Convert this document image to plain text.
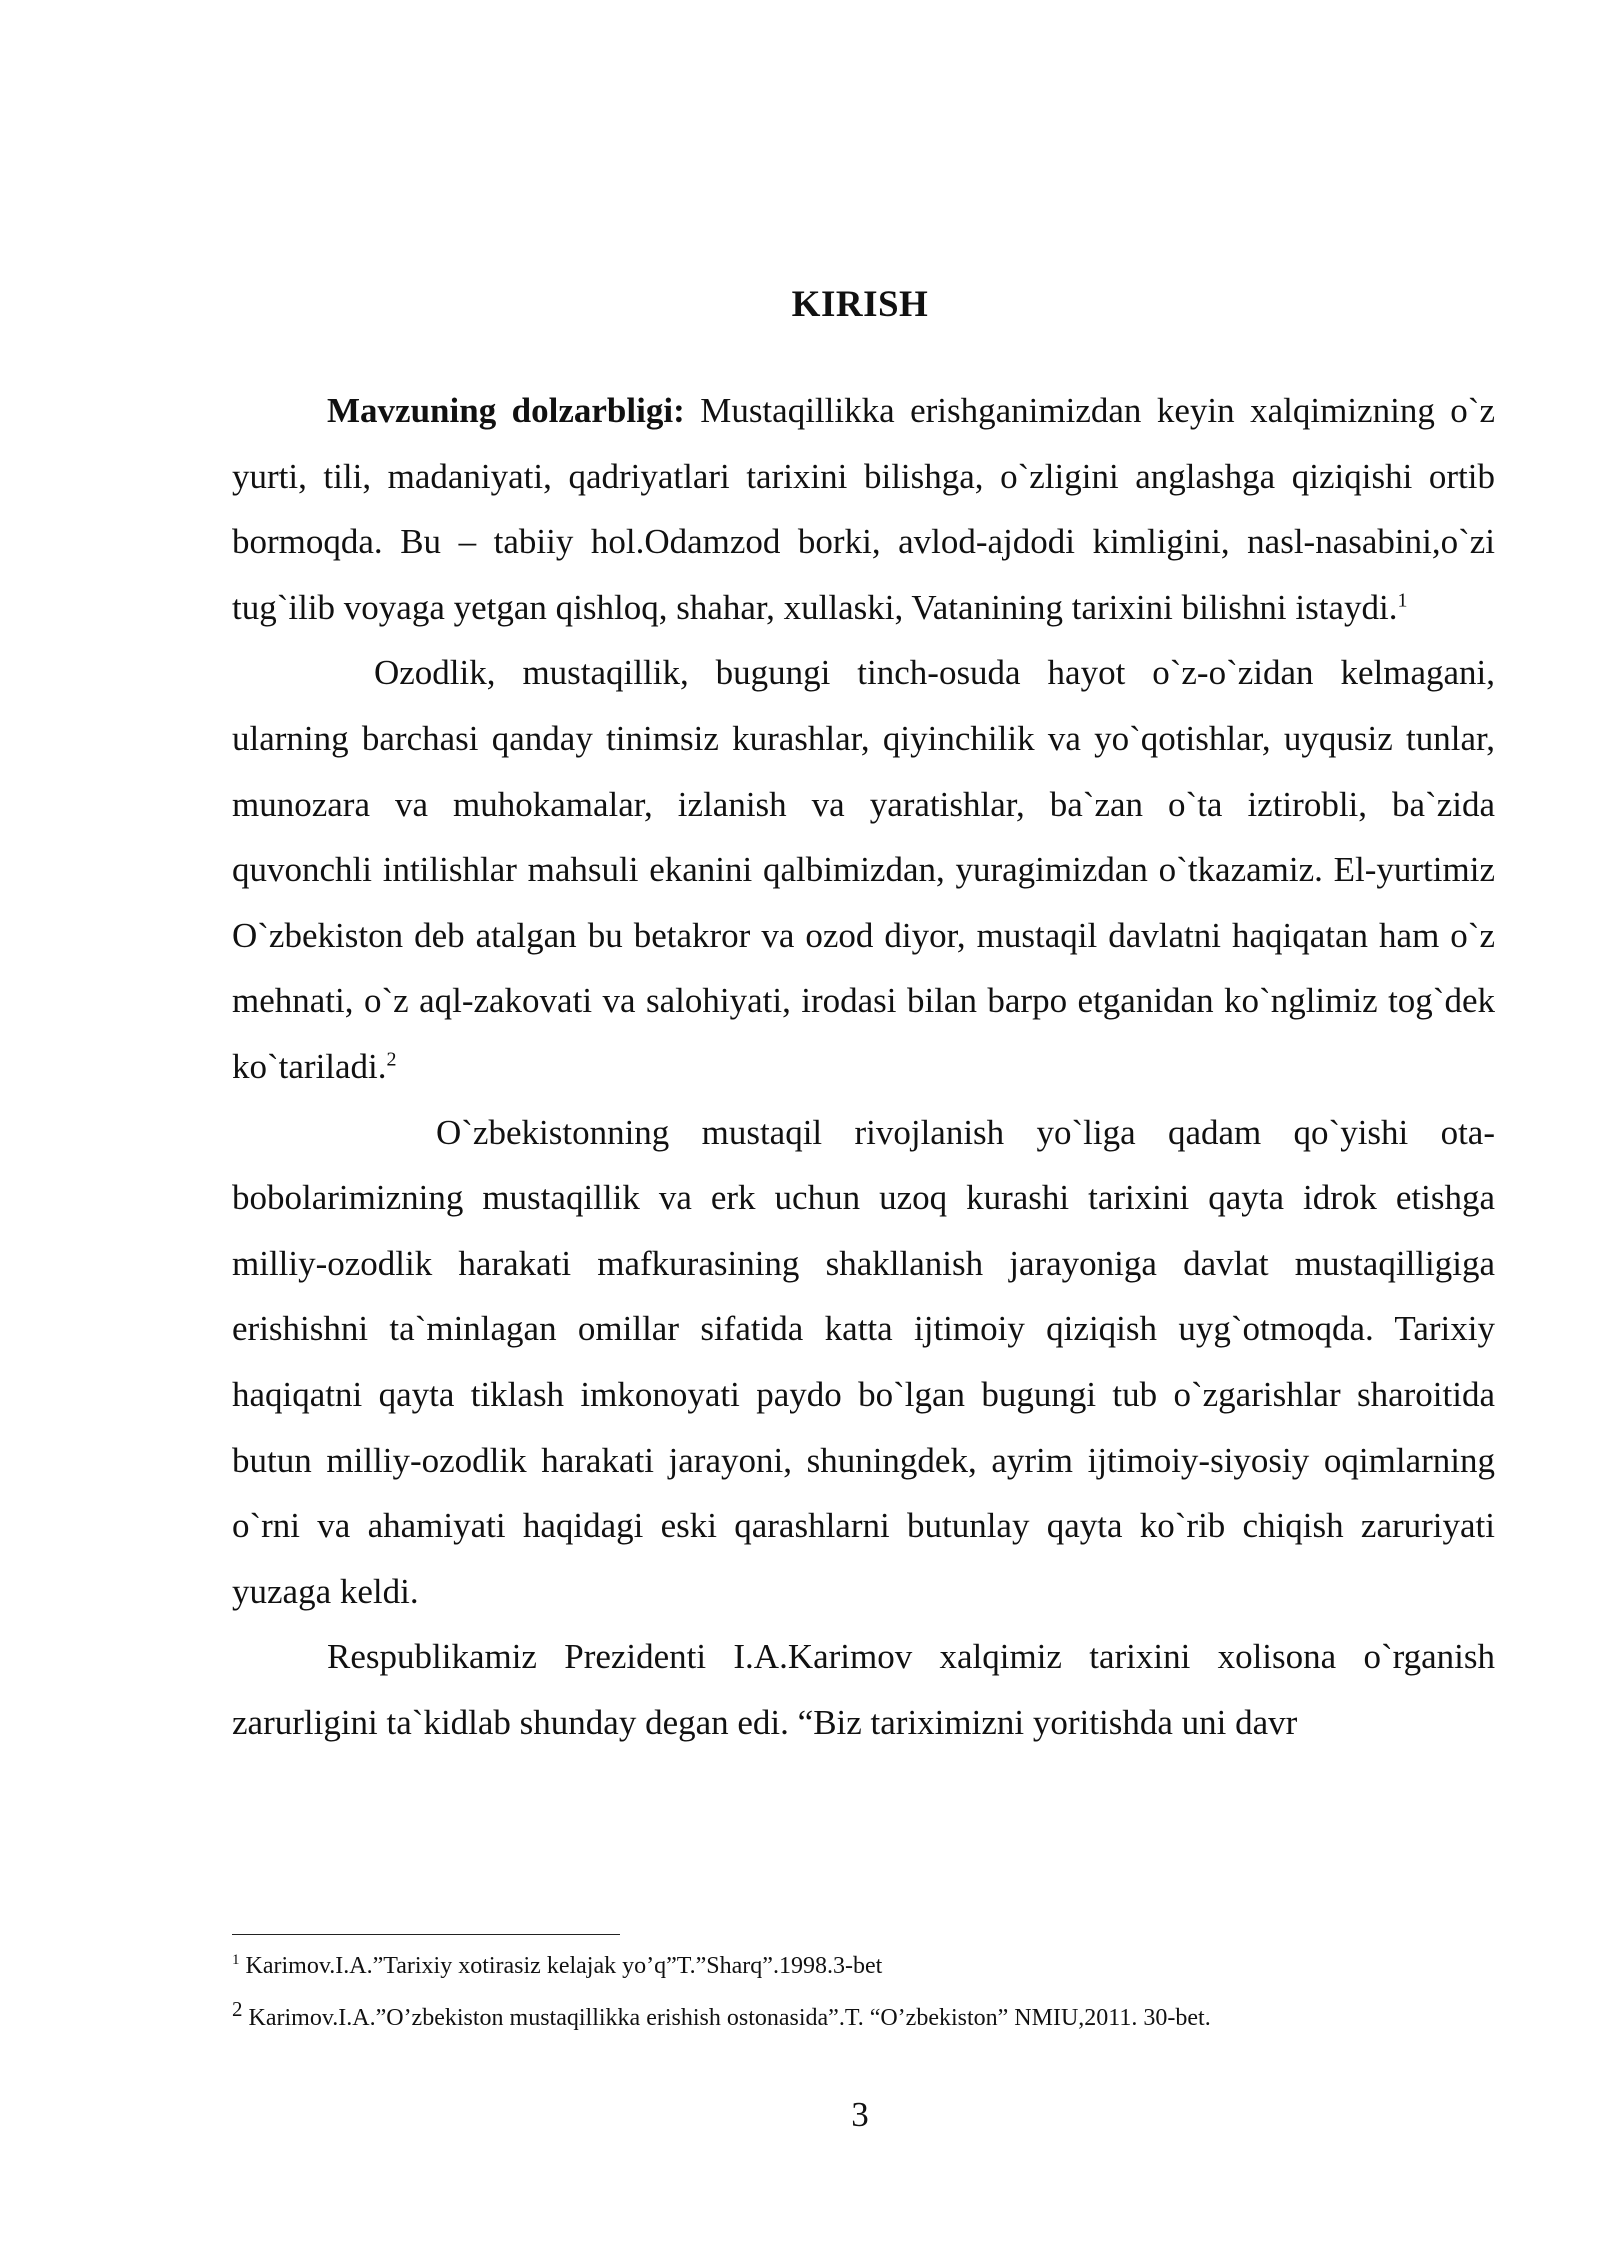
KIRISH

Mavzuning dolzarbligi: Mustaqillikka erishganimizdan keyin xalqimizning o`z yurti, tili, madaniyati, qadriyatlari tarixini bilishga, o`zligini anglashga qiziqishi ortib bormoqda. Bu – tabiiy hol.Odamzod borki, avlod-ajdodi kimligini, nasl-nasabini,o`zi tug`ilib voyaga yetgan qishloq, shahar, xullaski, Vatanining tarixini bilishni istaydi.$^1$

Ozodlik, mustaqillik, bugungi tinch-osuda hayot o`z-o`zidan kelmagani, ularning barchasi qanday tinimsiz kurashlar, qiyinchilik va yo`qotishlar, uyqusiz tunlar, munozara va muhokamalar, izlanish va yaratishlar, ba`zan o`ta iztirobli, ba`zida quvonchli intilishlar mahsuli ekanini qalbimizdan, yuragimizdan o`tkazamiz. El-yurtimiz O`zbekiston deb atalgan bu betakror va ozod diyor, mustaqil davlatni haqiqatan ham o`z mehnati, o`z aql-zakovati va salohiyati, irodasi bilan barpo etganidan ko`nglimiz tog`dek ko`tariladi.$^2$

O`zbekistonning mustaqil rivojlanish yo`liga qadam qo`yishi ota-bobolarimizning mustaqillik va erk uchun uzoq kurashi tarixini qayta idrok etishga milliy-ozodlik harakati mafkurasining shakllanish jarayoniga davlat mustaqilligiga erishishni ta`minlagan omillar sifatida katta ijtimoiy qiziqish uyg`otmoqda. Tarixiy haqiqatni qayta tiklash imkonoyati paydo bo`lgan bugungi tub o`zgarishlar sharoitida butun milliy-ozodlik harakati jarayoni, shuningdek, ayrim ijtimoiy-siyosiy oqimlarning o`rni va ahamiyati haqidagi eski qarashlarni butunlay qayta ko`rib chiqish zaruriyati yuzaga keldi.

Respublikamiz Prezidenti I.A.Karimov xalqimiz tarixini xolisona o`rganish zarurligini ta`kidlab shunday degan edi. “Biz tariximizni yoritishda uni davr

$^1$ Karimov.I.A.”Tarixiy xotirasiz kelajak yo’q”T.”Sharq”.1998.3-bet
$^2$ Karimov.I.A.”O’zbekiston mustaqillikka erishish ostonasida”.T. “O’zbekiston” NMIU,2011. 30-bet.
3
